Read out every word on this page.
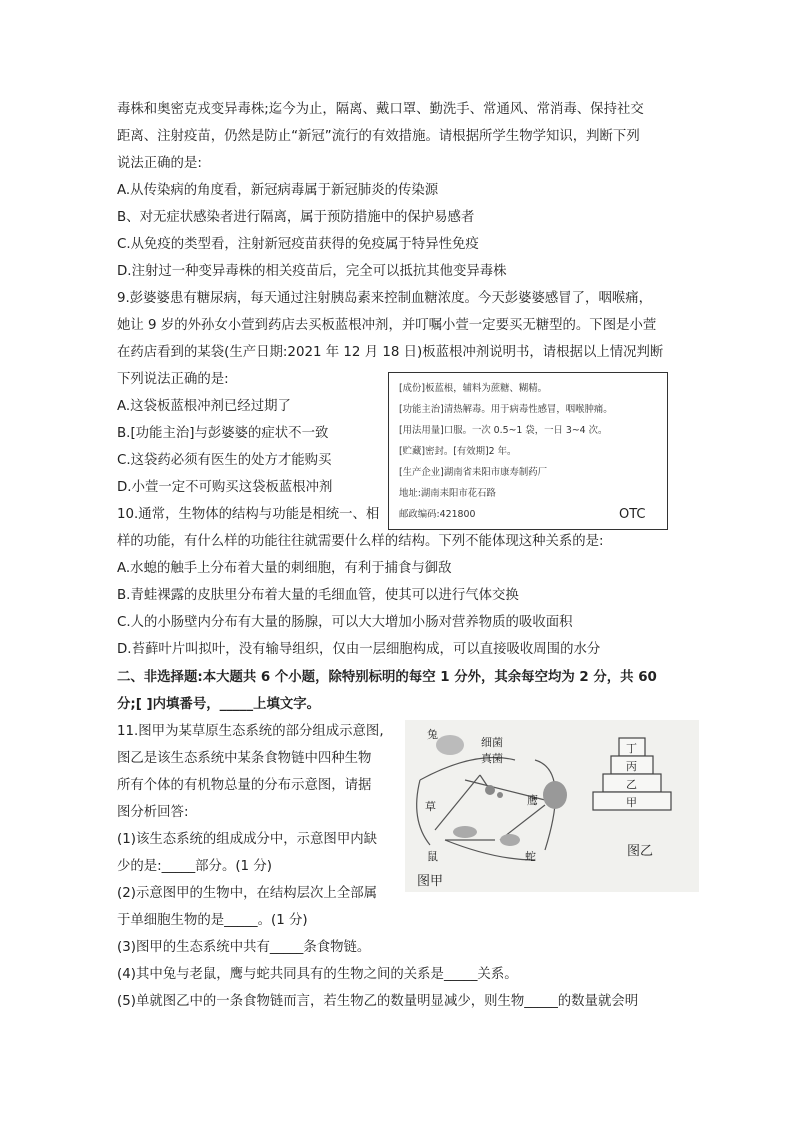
毒株和奥密克戎变异毒株;迄今为止，隔离、戴口罩、勤洗手、常通风、常消毒、保持社交
距离、注射疫苗，仍然是防止“新冠”流行的有效措施。请根据所学生物学知识，判断下列
说法正确的是:
A.从传染病的角度看，新冠病毒属于新冠肺炎的传染源
B、对无症状感染者进行隔离，属于预防措施中的保护易感者
C.从免疫的类型看，注射新冠疫苗获得的免疫属于特异性免疫
D.注射过一种变异毒株的相关疫苗后，完全可以抵抗其他变异毒株
9.彭婆婆患有糖尿病，每天通过注射胰岛素来控制血糖浓度。今天彭婆婆感冒了，咽喉痛，
她让 9 岁的外孙女小萱到药店去买板蓝根冲剂，并叮嘱小萱一定要买无糖型的。下图是小萱
在药店看到的某袋(生产日期:2021 年 12 月 18 日)板蓝根冲剂说明书，请根据以上情况判断
下列说法正确的是:
A.这袋板蓝根冲剂已经过期了
B.[功能主治]与彭婆婆的症状不一致
C.这袋药必须有医生的处方才能购买
D.小萱一定不可购买这袋板蓝根冲剂
10.通常，生物体的结构与功能是相统一、相
样的功能，有什么样的功能往往就需要什么样的结构。下列不能体现这种关系的是:
A.水螅的触手上分布着大量的刺细胞，有利于捕食与御敌
B.青蛙裸露的皮肤里分布着大量的毛细血管，使其可以进行气体交换
C.人的小肠壁内分布有大量的肠腺，可以大大增加小肠对营养物质的吸收面积
D.苔藓叶片叫拟叶，没有输导组织，仅由一层细胞构成，可以直接吸收周围的水分
二、非选择题:本大题共 6 个小题，除特别标明的每空 1 分外，其余每空均为 2 分，共 60
分;[ ]内填番号，_____上填文字。
11.图甲为某草原生态系统的部分组成示意图,
图乙是该生态系统中某条食物链中四种生物
所有个体的有机物总量的分布示意图，请据
图分析回答:
(1)该生态系统的组成成分中，示意图甲内缺
少的是:_____部分。(1 分)
(2)示意图甲的生物中，在结构层次上全部属
于单细胞生物的是_____。(1 分)
(3)图甲的生态系统中共有_____条食物链。
(4)其中兔与老鼠，鹰与蛇共同具有的生物之间的关系是_____关系。
(5)单就图乙中的一条食物链而言，若生物乙的数量明显减少，则生物_____的数量就会明
[成份]板蓝根，辅料为蔗糖、糊精。
[功能主治]清热解毒。用于病毒性感冒，咽喉肿痛。
[用法用量]口服。一次 0.5~1 袋，一日 3~4 次。
[贮藏]密封。[有效期]2 年。
[生产企业]湖南省耒阳市康寿制药厂
地址:湖南耒阳市花石路
邮政编码:421800	OTC
兔
草
鼠	蛇
鹰
细菌
真菌
图甲
图乙
丁
丙
乙
甲
